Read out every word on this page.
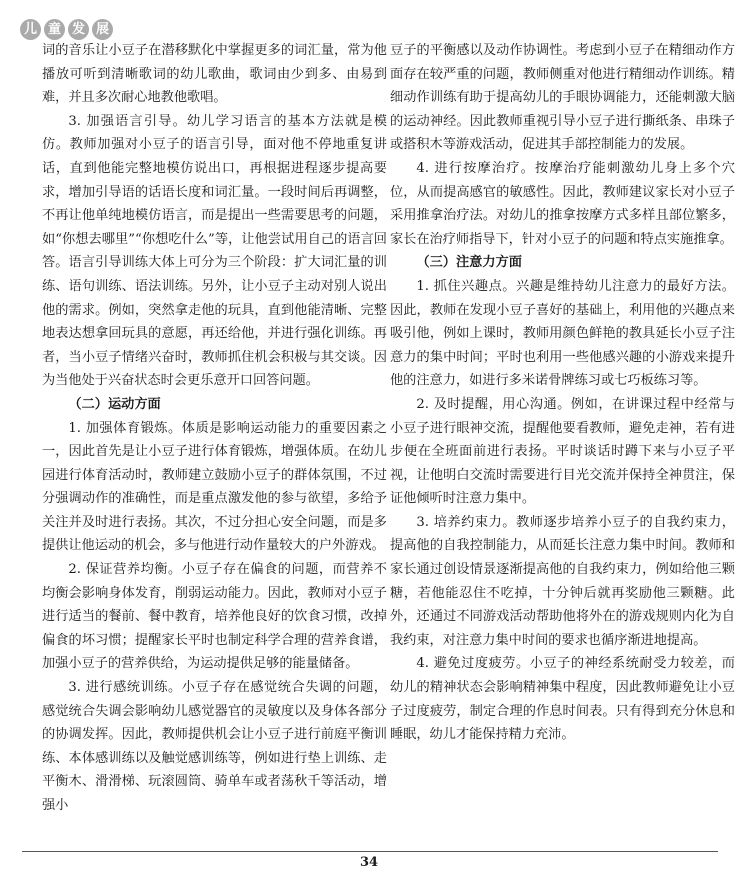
儿 童 发 展

词的音乐让小豆子在潜移默化中掌握更多的词汇量，常为他播放可听到清晰歌词的幼儿歌曲，歌词由少到多、由易到难，并且多次耐心地教他歌唱。

3. 加强语言引导。幼儿学习语言的基本方法就是模仿。教师加强对小豆子的语言引导，面对他不停地重复讲话，直到他能完整地模仿说出口，再根据进程逐步提高要求，增加引导语的话语长度和词汇量。一段时间后再调整，不再让他单纯地模仿语言，而是提出一些需要思考的问题，如“你想去哪里”“你想吃什么”等，让他尝试用自己的语言回答。语言引导训练大体上可分为三个阶段：扩大词汇量的训练、语句训练、语法训练。另外，让小豆子主动对别人说出他的需求。例如，突然拿走他的玩具，直到他能清晰、完整地表达想拿回玩具的意愿，再还给他，并进行强化训练。再者，当小豆子情绪兴奋时，教师抓住机会积极与其交谈。因为当他处于兴奋状态时会更乐意开口回答问题。

（二）运动方面

1. 加强体育锻炼。体质是影响运动能力的重要因素之一，因此首先是让小豆子进行体育锻炼，增强体质。在幼儿园进行体育活动时，教师建立鼓励小豆子的群体氛围，不过分强调动作的准确性，而是重点激发他的参与欲望，多给予关注并及时进行表扬。其次，不过分担心安全问题，而是多提供让他运动的机会，多与他进行动作量较大的户外游戏。

2. 保证营养均衡。小豆子存在偏食的问题，而营养不均衡会影响身体发育，削弱运动能力。因此，教师对小豆子进行适当的餐前、餐中教育，培养他良好的饮食习惯，改掉偏食的坏习惯；提醒家长平时也制定科学合理的营养食谱，加强小豆子的营养供给，为运动提供足够的能量储备。

3. 进行感统训练。小豆子存在感觉统合失调的问题，感觉统合失调会影响幼儿感觉器官的灵敏度以及身体各部分的协调发挥。因此，教师提供机会让小豆子进行前庭平衡训练、本体感训练以及触觉感训练等，例如进行垫上训练、走平衡木、滑滑梯、玩滚圆筒、骑单车或者荡秋千等活动，增强小

豆子的平衡感以及动作协调性。考虑到小豆子在精细动作方面存在较严重的问题，教师侧重对他进行精细动作训练。精细动作训练有助于提高幼儿的手眼协调能力，还能刺激大脑的运动神经。因此教师重视引导小豆子进行撕纸条、串珠子或搭积木等游戏活动，促进其手部控制能力的发展。

4. 进行按摩治疗。按摩治疗能刺激幼儿身上多个穴位，从而提高感官的敏感性。因此，教师建议家长对小豆子采用推拿治疗法。对幼儿的推拿按摩方式多样且部位繁多，家长在治疗师指导下，针对小豆子的问题和特点实施推拿。

（三）注意力方面

1. 抓住兴趣点。兴趣是维持幼儿注意力的最好方法。因此，教师在发现小豆子喜好的基础上，利用他的兴趣点来吸引他，例如上课时，教师用颜色鲜艳的教具延长小豆子注意力的集中时间；平时也利用一些他感兴趣的小游戏来提升他的注意力，如进行多米诺骨牌练习或七巧板练习等。

2. 及时提醒，用心沟通。例如，在讲课过程中经常与小豆子进行眼神交流，提醒他要看教师，避免走神，若有进步便在全班面前进行表扬。平时谈话时蹲下来与小豆子平视，让他明白交流时需要进行目光交流并保持全神贯注，保证他倾听时注意力集中。

3. 培养约束力。教师逐步培养小豆子的自我约束力，提高他的自我控制能力，从而延长注意力集中时间。教师和家长通过创设情景逐渐提高他的自我约束力，例如给他三颗糖，若他能忍住不吃掉，十分钟后就再奖励他三颗糖。此外，还通过不同游戏活动帮助他将外在的游戏规则内化为自我约束，对注意力集中时间的要求也循序渐进地提高。

4. 避免过度疲劳。小豆子的神经系统耐受力较差，而幼儿的精神状态会影响精神集中程度，因此教师避免让小豆子过度疲劳，制定合理的作息时间表。只有得到充分休息和睡眠，幼儿才能保持精力充沛。

34
